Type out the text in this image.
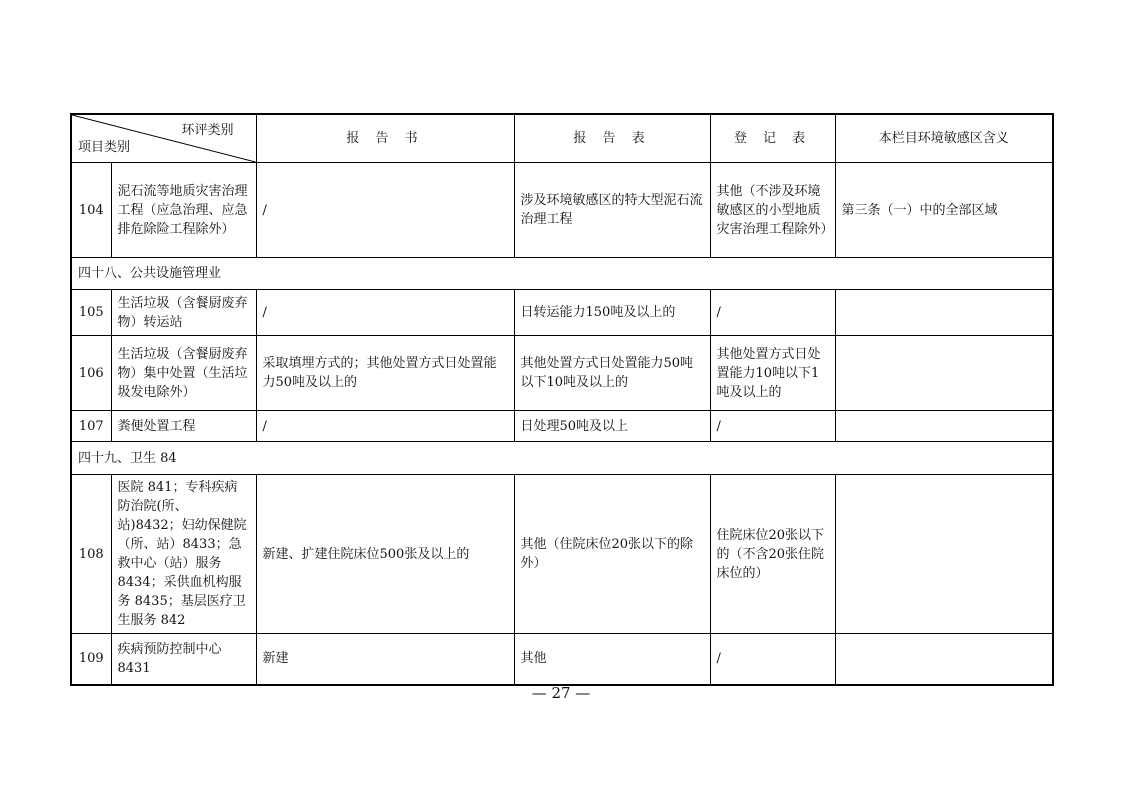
环评类别
项目类别		报 告 书	报 告 表	登 记 表	本栏目环境敏感区含义
104	泥石流等地质灾害治理工程（应急治理、应急排危除险工程除外）	/	涉及环境敏感区的特大型泥石流治理工程	其他（不涉及环境敏感区的小型地质灾害治理工程除外）	第三条（一）中的全部区域
四十八、公共设施管理业					
105	生活垃圾（含餐厨废弃物）转运站	/	日转运能力150吨及以上的	/	
106	生活垃圾（含餐厨废弃物）集中处置（生活垃圾发电除外）	采取填埋方式的；其他处置方式日处置能力50吨及以上的	其他处置方式日处置能力50吨以下10吨及以上的	其他处置方式日处置能力10吨以下1吨及以上的	
107	粪便处置工程	/	日处理50吨及以上	/	
四十九、卫生 84					
108	医院 841；专科疾病防治院(所、站)8432；妇幼保健院（所、站）8433；急救中心（站）服务 8434；采供血机构服务 8435；基层医疗卫生服务 842	新建、扩建住院床位500张及以上的	其他（住院床位20张以下的除外）	住院床位20张以下的（不含20张住院床位的）	
109	疾病预防控制中心 8431	新建	其他	/	
— 27 —
